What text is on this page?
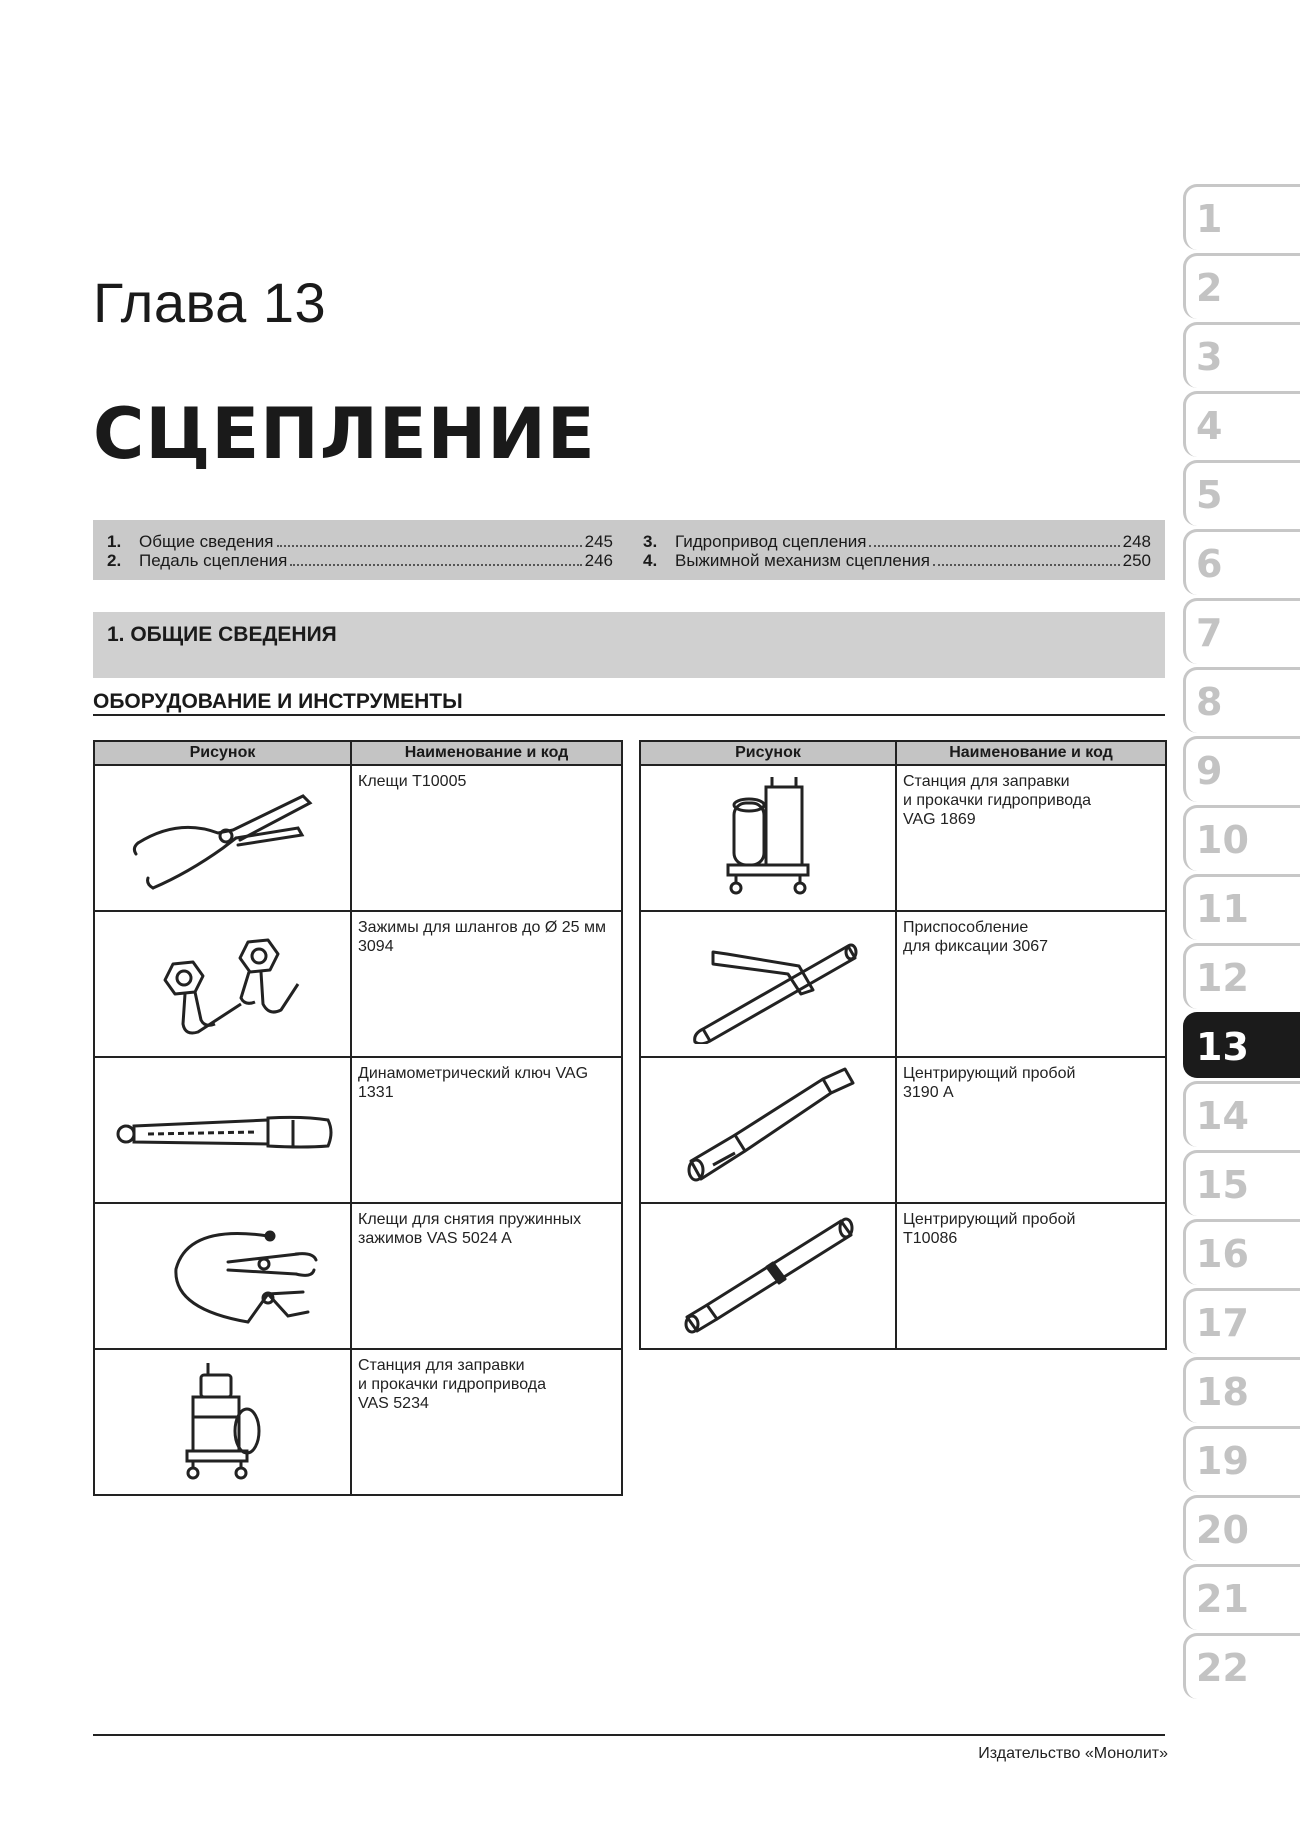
Глава 13
СЦЕПЛЕНИЕ
1.	Общие сведения	245
2.	Педаль сцепления	246
3.	Гидропривод сцепления	248
4.	Выжимной механизм сцепления	250
1. ОБЩИЕ СВЕДЕНИЯ
ОБОРУДОВАНИЕ И ИНСТРУМЕНТЫ
Рисунок	Наименование и код

	Клещи Т10005

	Зажимы для шлангов до Ø 25 мм 3094

	Динамометрический ключ VAG 1331

	Клещи для снятия пружинных зажимов VAS 5024 A

	Станция для заправки
и прокачки гидропривода
VAS 5234
Рисунок	Наименование и код

	Станция для заправки
и прокачки гидропривода
VAG 1869

	Приспособление
для фиксации 3067

	Центрирующий пробой
3190 A

	Центрирующий пробой
T10086
1
2
3
4
5
6
7
8
9
10
11
12
13
14
15
16
17
18
19
20
21
22
Издательство «Монолит»
